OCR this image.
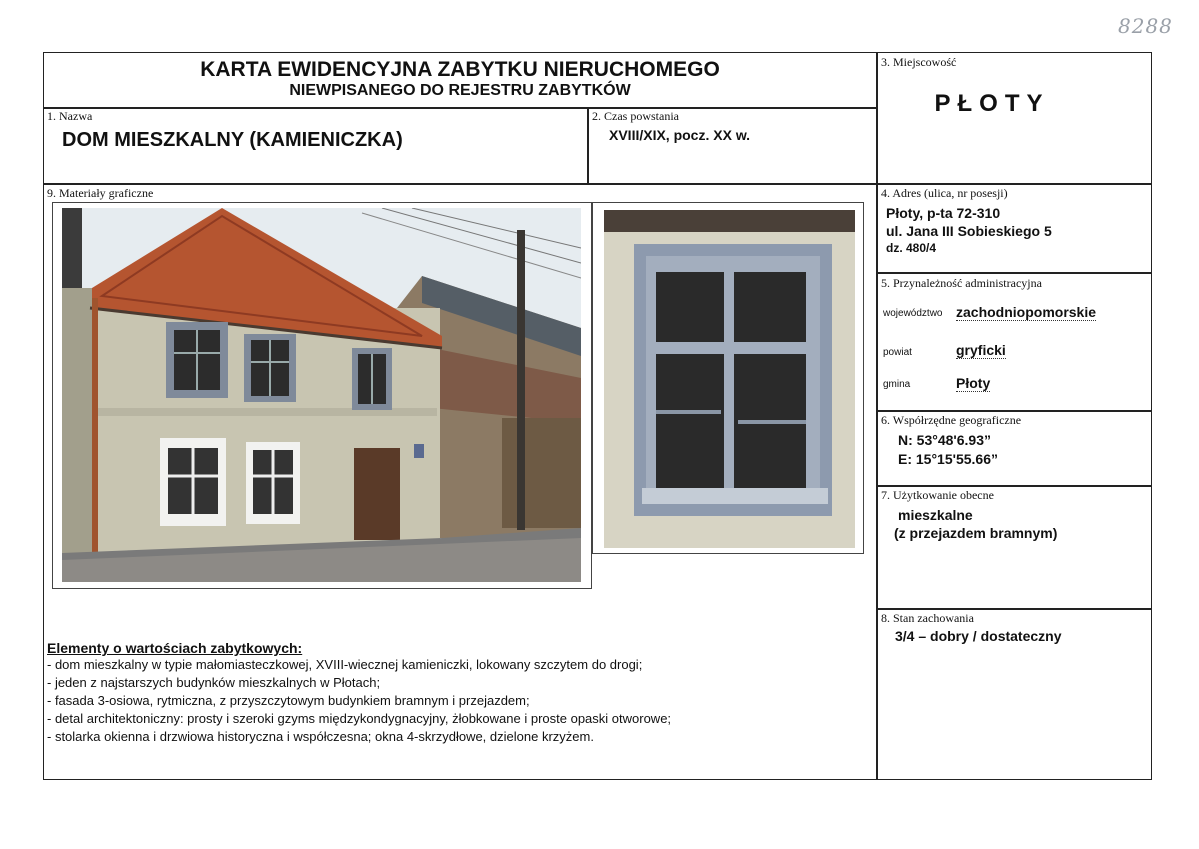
8288
KARTA EWIDENCYJNA ZABYTKU NIERUCHOMEGO
NIEWPISANEGO DO REJESTRU ZABYTKÓW
1. Nazwa
DOM MIESZKALNY (KAMIENICZKA)
2. Czas powstania
XVIII/XIX, pocz. XX w.
3. Miejscowość
PŁOTY
9. Materiały graficzne	4. Adres (ulica, nr posesji)
Płoty, p-ta 72-310
ul. Jana III Sobieskiego 5
dz. 480/4
5. Przynależność administracyjna
województwo zachodniopomorskie
powiat	gryficki
gmina	Płoty
6. Współrzędne geograficzne
N: 53°48'6.93”
E: 15°15'55.66”
7. Użytkowanie obecne
mieszkalne
(z przejazdem bramnym)
8. Stan zachowania
3/4 – dobry / dostateczny
Elementy o wartościach zabytkowych:
- dom mieszkalny w typie małomiasteczkowej, XVIII-wiecznej kamieniczki, lokowany szczytem do drogi;
- jeden z najstarszych budynków mieszkalnych w Płotach;
- fasada 3-osiowa, rytmiczna, z przyszczytowym budynkiem bramnym i przejazdem;
- detal architektoniczny: prosty i szeroki gzyms międzykondygnacyjny, żłobkowane i proste opaski otworowe;
- stolarka okienna i drzwiowa historyczna i współczesna; okna 4-skrzydłowe, dzielone krzyżem.
